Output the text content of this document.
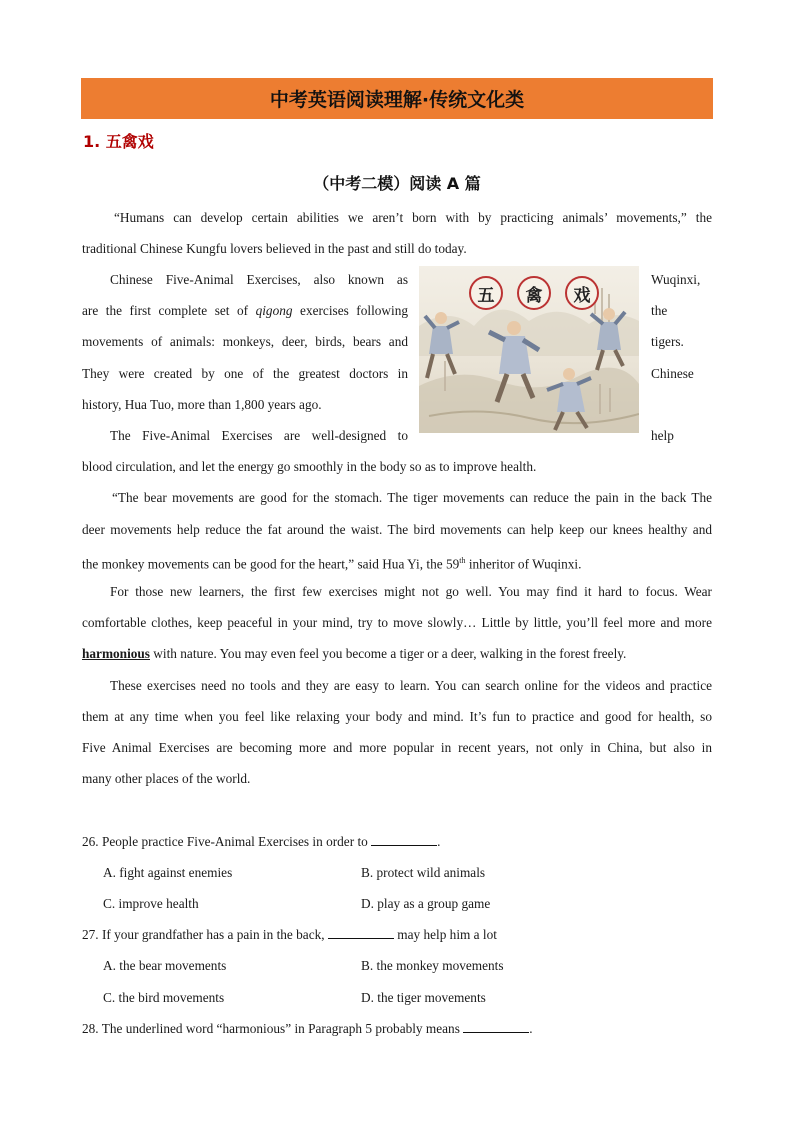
中考英语阅读理解·传统文化类
1. 五禽戏
（中考二模）阅读 A 篇
“Humans can develop certain abilities we aren’t born with by practicing animals’ movements,” the
traditional Chinese Kungfu lovers believed in the past and still do today.
Chinese Five-Animal Exercises, also known as	Wuqinxi,
are the first complete set of qigong exercises following	the
movements of animals: monkeys, deer, birds, bears and	tigers.
They were created by one of the greatest doctors in	Chinese
history, Hua Tuo, more than 1,800 years ago.
The Five-Animal Exercises are well-designed to	help
blood circulation, and let the energy go smoothly in the body so as to improve health.
五	禽	戏
“The bear movements are good for the stomach. The tiger movements can reduce the pain in the back The
deer movements help reduce the fat around the waist. The bird movements can help keep our knees healthy and
the monkey movements can be good for the heart,” said Hua Yi, the 59th inheritor of Wuqinxi.
For those new learners, the first few exercises might not go well. You may find it hard to focus. Wear
comfortable clothes, keep peaceful in your mind, try to move slowly… Little by little, you’ll feel more and more
harmonious with nature. You may even feel you become a tiger or a deer, walking in the forest freely.
These exercises need no tools and they are easy to learn. You can search online for the videos and practice
them at any time when you feel like relaxing your body and mind. It’s fun to practice and good for health, so
Five Animal Exercises are becoming more and more popular in recent years, not only in China, but also in
many other places of the world.
26. People practice Five-Animal Exercises in order to	.
A. fight against enemies	B. protect wild animals
C. improve health	D. play as a group game
27. If your grandfather has a pain in the back,	may help him a lot
A. the bear movements	B. the monkey movements
C. the bird movements	D. the tiger movements
28. The underlined word “harmonious” in Paragraph 5 probably means	.
